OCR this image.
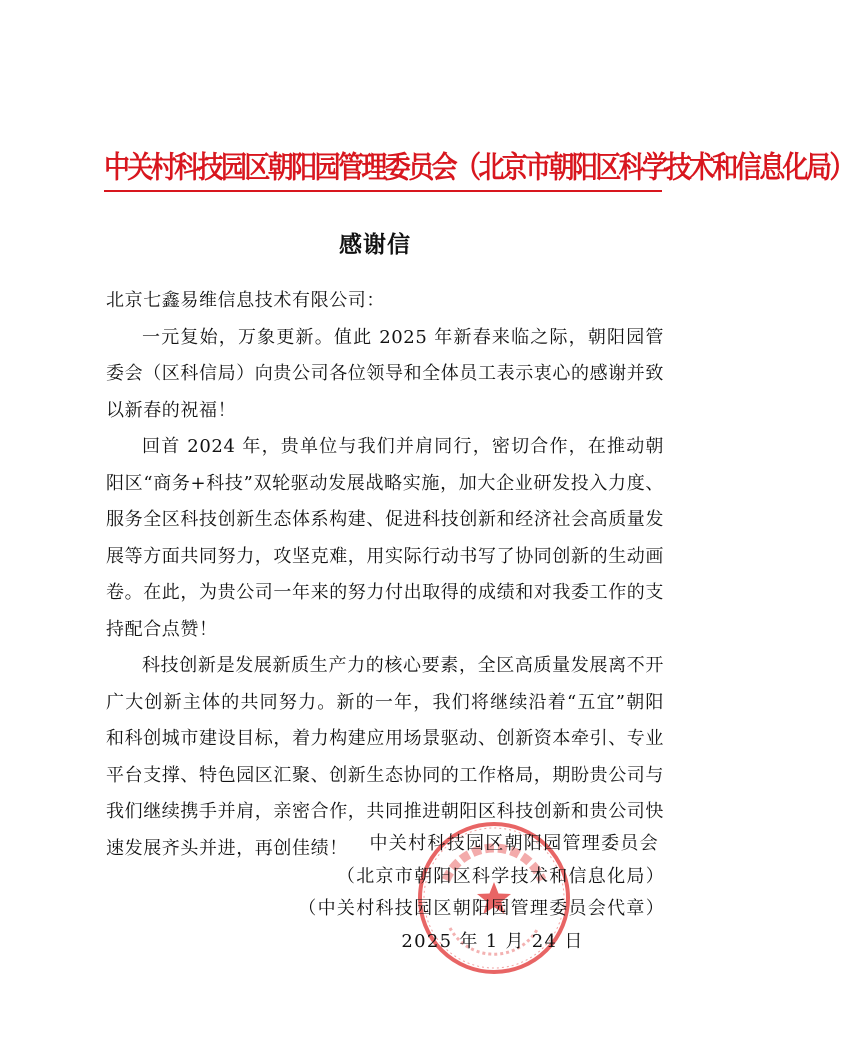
中关村科技园区朝阳园管理委员会（北京市朝阳区科学技术和信息化局）
感谢信

北京七鑫易维信息技术有限公司：

一元复始，万象更新。值此 2025 年新春来临之际，朝阳园管委会（区科信局）向贵公司各位领导和全体员工表示衷心的感谢并致以新春的祝福！

回首 2024 年，贵单位与我们并肩同行，密切合作，在推动朝阳区“商务+科技”双轮驱动发展战略实施，加大企业研发投入力度、服务全区科技创新生态体系构建、促进科技创新和经济社会高质量发展等方面共同努力，攻坚克难，用实际行动书写了协同创新的生动画卷。在此，为贵公司一年来的努力付出取得的成绩和对我委工作的支持配合点赞！

科技创新是发展新质生产力的核心要素，全区高质量发展离不开广大创新主体的共同努力。新的一年，我们将继续沿着“五宜”朝阳和科创城市建设目标，着力构建应用场景驱动、创新资本牵引、专业平台支撑、特色园区汇聚、创新生态协同的工作格局，期盼贵公司与我们继续携手并肩，亲密合作，共同推进朝阳区科技创新和贵公司快速发展齐头并进，再创佳绩！	中关村科技园区朝阳园管理委员会
（北京市朝阳区科学技术和信息化局）
（中关村科技园区朝阳园管理委员会代章）
2025 年 1 月 24 日
